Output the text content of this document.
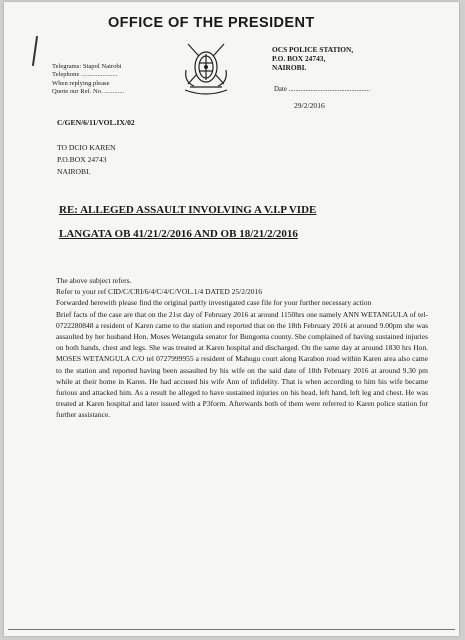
OFFICE OF THE PRESIDENT
Telegrams: Stapol Nairobi
Telephone ......................
When replying please
Quote our Ref. No. ............
OCS POLICE STATION,
P.O. BOX 24743,
NAIROBI.
Date ................................................
29/2/2016
C/GEN/6/11/VOL.IX/02
TO DCIO KAREN
P.O.BOX 24743
NAIROBI.
RE: ALLEGED ASSAULT INVOLVING A V.I.P VIDE
LANGATA OB 41/21/2/2016 AND OB 18/21/2/2016

The above subject refers.

Refer to your ref CID/C/CRI/6/4/C/4/C/VOL.1/4 DATED 25/2/2016

Forwarded herewith please find the original partly investigated case file for your further necessary action

Brief facts of the case are that on the 21st day of February 2016 at around 1150hrs one namely ANN WETANGULA of tel-0722280848 a resident of Karen came to the station and reported that on the 18th February 2016 at around 9.00pm she was assaulted by her husband Hon. Moses Wetangula senator for Bungoma county. She complained of having sustained injuries on both hands, chest and legs. She was treated at Karen hospital and discharged. On the same day at around 1830 hrs Hon. MOSES WETANGULA C/O tel 0727999955 a resident of Mahugu court along Karabon road within Karen area also came to the station and reported having been assaulted by his wife on the said date of 18th February 2016 at around 9.30 pm while at their home in Karen. He had accused his wife Ann of infidelity. That is when according to him his wife became furious and attacked him. As a result he alleged to have sustained injuries on his head, left hand, left leg and chest. He was treated at Karen hospital and later issued with a P3form. Afterwards both of them were referred to Karen police station for further assistance.
